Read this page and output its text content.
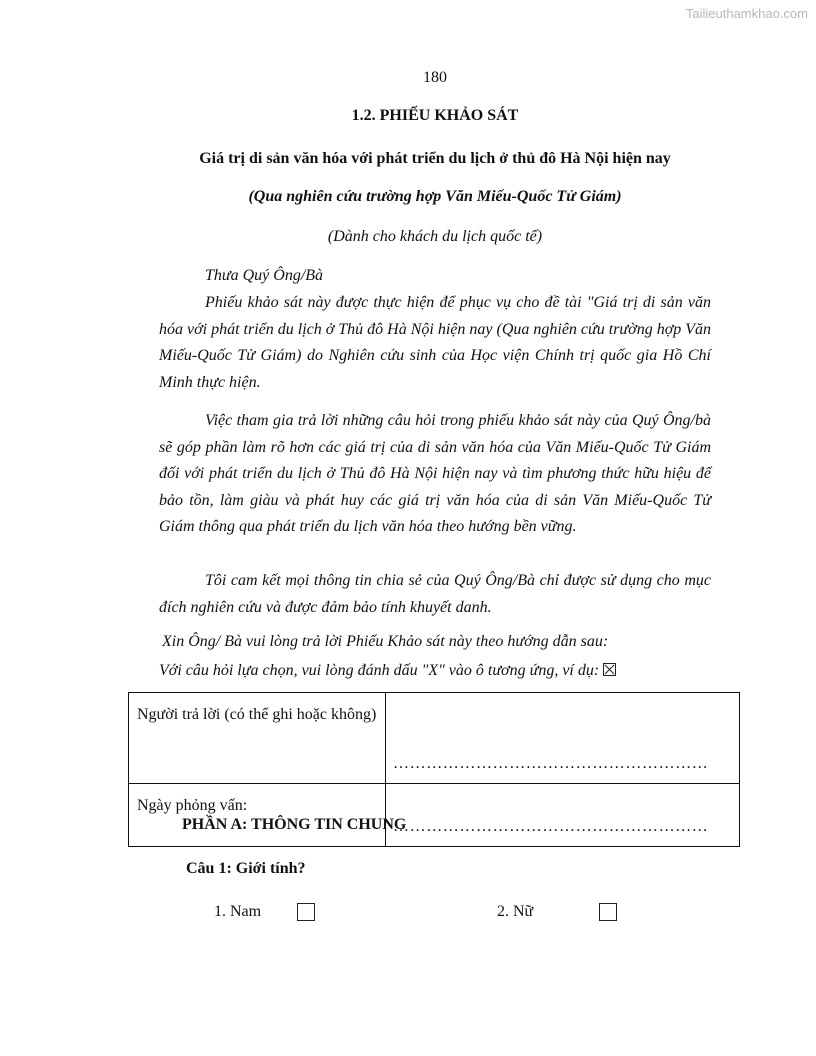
Tailieuthamkhao.com
180
1.2. PHIẾU KHẢO SÁT
Giá trị di sản văn hóa với phát triển du lịch ở thủ đô Hà Nội hiện nay
(Qua nghiên cứu trường hợp Văn Miếu-Quốc Tử Giám)
(Dành cho khách du lịch quốc tế)

Thưa Quý Ông/Bà

Phiếu khảo sát này được thực hiện để phục vụ cho đề tài "Giá trị di sản văn hóa với phát triển du lịch ở Thủ đô Hà Nội hiện nay (Qua nghiên cứu trường hợp Văn Miếu-Quốc Tử Giám) do Nghiên cứu sinh của Học viện Chính trị quốc gia Hồ Chí Minh thực hiện.

Việc tham gia trả lời những câu hỏi trong phiếu khảo sát này của Quý Ông/bà sẽ góp phần làm rõ hơn các giá trị của di sản văn hóa của Văn Miếu-Quốc Tử Giám đối với phát triển du lịch ở Thủ đô Hà Nội hiện nay và tìm phương thức hữu hiệu để bảo tồn, làm giàu và phát huy các giá trị văn hóa của di sản Văn Miếu-Quốc Tử Giám thông qua phát triển du lịch văn hóa theo hướng bền vững.

Tôi cam kết mọi thông tin chia sẻ của Quý Ông/Bà chỉ được sử dụng cho mục đích nghiên cứu và được đảm bảo tính khuyết danh.

Xin Ông/ Bà vui lòng trả lời Phiếu Khảo sát này theo hướng dẫn sau:
Với câu hỏi lựa chọn, vui lòng đánh dấu "X" vào ô tương ứng, ví dụ:
Người trả lời (có thể ghi hoặc không)	…………………………………………………

Ngày phỏng vấn:	…………………………………………………
PHẦN A: THÔNG TIN CHUNG
Câu 1: Giới tính?
1. Nam	2. Nữ
